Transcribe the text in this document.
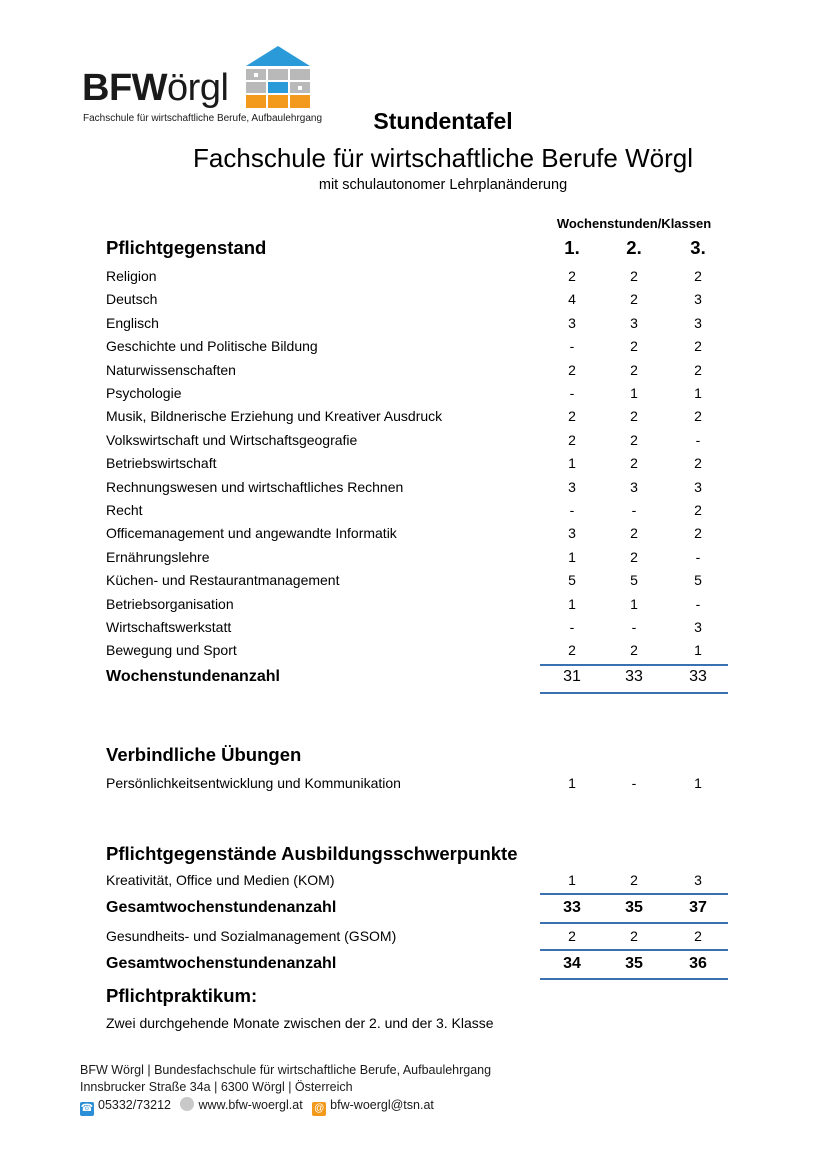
BFWörgl
Fachschule für wirtschaftliche Berufe, Aufbaulehrgang	Stundentafel
Fachschule für wirtschaftliche Berufe Wörgl
mit schulautonomer Lehrplanänderung
Wochenstunden/Klassen
Pflichtgegenstand	1.	2.	3.
Religion	2	2	2
Deutsch	4	2	3
Englisch	3	3	3
Geschichte und Politische Bildung	-	2	2
Naturwissenschaften	2	2	2
Psychologie	-	1	1
Musik, Bildnerische Erziehung und Kreativer Ausdruck	2	2	2
Volkswirtschaft und Wirtschaftsgeografie	2	2	-
Betriebswirtschaft	1	2	2
Rechnungswesen und wirtschaftliches Rechnen	3	3	3
Recht	-	-	2
Officemanagement und angewandte Informatik	3	2	2
Ernährungslehre	1	2	-
Küchen- und Restaurantmanagement	5	5	5
Betriebsorganisation	1	1	-
Wirtschaftswerkstatt	-	-	3
Bewegung und Sport	2	2	1
Wochenstundenanzahl	31	33	33
Verbindliche Übungen
Persönlichkeitsentwicklung und Kommunikation	1	-	1
Pflichtgegenstände Ausbildungsschwerpunkte
Kreativität, Office und Medien (KOM)	1	2	3
Gesamtwochenstundenanzahl	33	35	37
Gesundheits- und Sozialmanagement (GSOM)	2	2	2
Gesamtwochenstundenanzahl	34	35	36
Pflichtpraktikum:
Zwei durchgehende Monate zwischen der 2. und der 3. Klasse
BFW Wörgl | Bundesfachschule für wirtschaftliche Berufe, Aufbaulehrgang
Innsbrucker Straße 34a | 6300 Wörgl | Österreich
☎ 05332/73212 www.bfw-woergl.at @ bfw-woergl@tsn.at
